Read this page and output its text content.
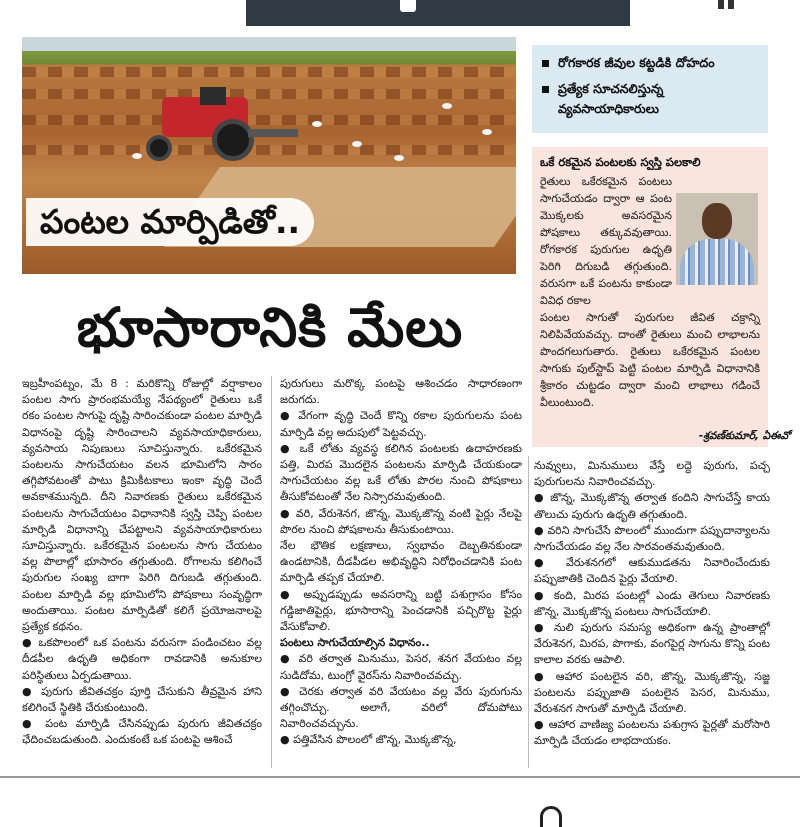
పంటల మార్పిడితో..
భూసారానికి మేలు
రోగకారక జీవుల కట్టడికి దోహదం
ప్రత్యేక సూచనలిస్తున్న వ్యవసాయాధికారులు
ఒకే రకమైన పంటలకు స్వస్తి పలకాలి
రైతులు ఒకేరకమైన పంటలు సాగుచేయడం ద్వారా ఆ పంట మొక్కలకు అవసరమైన పోషకాలు తక్కువవుతాయి. రోగకారక పురుగుల ఉధృతి పెరిగి దిగుబడి తగ్గుతుంది. వరుసగా ఒకే పంటను కాకుండా వివిధ రకాల
పంటల సాగుతో పురుగుల జీవిత చక్రాన్ని నిలిపివేయవచ్చు. దాంతో రైతులు మంచి లాభాలను పొందగలుగుతారు. రైతులు ఒకేరకమైన పంటల సాగుకు పుల్‌స్టాప్ పెట్టి పంటల మార్పిడి విధానానికి శ్రీకారం చుట్టడం ద్వారా మంచి లాభాలు గడించే వీలుంటుంది.
-శ్రవణ్‌కుమార్, ఏఈవో

ఇబ్రహీంపట్నం, మే 8 : మరికొన్ని రోజుల్లో వర్షాకాలం పంటల సాగు ప్రారంభమయ్యే నేపథ్యంలో రైతులు ఒకే రకం పంటల సాగుపై దృష్టి సారించకుండా పంటల మార్పిడి విధానంపై దృష్టి సారించాలని వ్యవసాయాధికారులు, వ్యవసాయ నిపుణులు సూచిస్తున్నారు. ఒకేరకమైన పంటలను సాగుచేయటం వలన భూమిలోని సారం తగ్గిపోవటంతో పాటు క్రిమికీటకాలు ఇంకా వృద్ధి చెందే అవకాశమున్నది. దీని నివారణకు రైతులు ఒకేరకమైన పంటలను సాగుచేయటం విధానానికి స్వస్తి చెప్పి పంటల మార్పిడి విధానాన్ని చేపట్టాలని వ్యవసాయాధికారులు సూచిస్తున్నారు. ఒకేరకమైన పంటలను సాగు చేయటం వల్ల పొలాల్లో భూసారం తగ్గుతుంది. రోగాలను కలిగించే పురుగుల సంఖ్య బాగా పెరిగి దిగుబడి తగ్గుతుంది. పంటల మార్పిడి వల్ల భూమిలోని పోషకాలు సంవృద్ధిగా అందుతాయి. పంటల మార్పిడితో కలిగే ప్రయోజనాలపై ప్రత్యేక కథనం.

● ఒకపొలంలో ఒక పంటను వరుసగా పండించటం వల్ల దీడపీల ఉధృతి అధికంగా రావడానికి అనుకూల పరిస్థితులు ఏర్పడుతాయి.

● పురుగు జీవితచక్రం పూర్తి చేసుకుని తీవ్రమైన హాని కలిగించే స్థితికి చేరుకుంటుంది.

● పంట మార్పిడి చేసినప్పుడు పురుగు జీవితచక్రం ఛేదించబడుతుంది. ఎందుకంటే ఒక పంటపై ఆశించే

పురుగులు మరొక్క పంటపై ఆశించడం సాధారణంగా జరుగదు.

● వేగంగా వృద్ధి చెందే కొన్ని రకాల పురుగులను పంట మార్పిడి వల్ల అదుపులో పెట్టవచ్చు.

● ఒకే లోతు వ్యవస్థ కలిగిన పంటలకు ఉదాహరణకు పత్తి, మిరప మొదలైన పంటలను మార్పిడి చేయకుండా సాగుచేయటం వల్ల ఒకే లోతు పొరల నుంచి పోషకాలు తీసుకోవటంతో నేల నిస్సారమవుతుంది.

● వరి, వేరుశెనగ, జొన్న, మొక్కజొన్న వంటి పైర్లు నేలపై పొరల నుంచి పోషకాలను తీసుకుంటాయి.

నేల భౌతిక లక్షణాలు, స్వభావం దెబ్బతినకుండా ఉండటానికి, దీడపీడల అభివృద్ధిని నిరోధించడానికి పంట మార్పిడి తప్పక చేయాలి.

● అప్పుడప్పుడు అవసరాన్ని బట్టి పశుగ్రాసం కోసం గడ్డిజాతిపైర్లు, భూసారాన్ని పెంచడానికి పచ్చిరొట్ట పైర్లు వేసుకోవాలి.

పంటలు సాగుచేయాల్సిన విధానం..

● వరి తర్వాత మినుము, పెసర, శనగ వేయటం వల్ల సుడిదోమ, టుంగ్రో వైరస్‌ను నివారించవచ్చు.

● చెరకు తర్వాత వరి వేయటం వల్ల వేరు పురుగును తగ్గించొచ్చు. అలాగే, వరిలో దోమపోటు నివారించవచ్చును.

● పత్తివేసిన పొలంలో జొన్న, మొక్కజొన్న,

నువ్వులు, మినుములు వేస్తే లద్దె పురుగు, పచ్చ పురుగులను నివారించవచ్చు.

● జొన్న, మొక్కజొన్న తర్వాత కందిని సాగుచేస్తే కాయ తొలుచు పురుగు ఉధృతి తగ్గుతుంది.

● వరిని సాగుచేసే పొలంలో ముందుగా పప్పుదాన్యాలను సాగుచేయడం వల్ల నేల సారవంతమవుతుంది.

● వేరుశనగలో ఆకుముడతను నివారించేందుకు పప్పుజాతికి చెందిన పైర్లు వేయాలి.

● కంది, మిరప పంటల్లో ఎండు తెగులు నివారణకు జొన్న, మొక్కజొన్న పంటలు సాగుచేయాలి.

● నులి పురుగు సమస్య అధికంగా ఉన్న ప్రాంతాల్లో వేరుశెనగ, మిరప, పొగాకు, వంగపైర్ల సాగును కొన్ని పంట కాలాల వరకు ఆపాలి.

● ఆహార పంటలైన వరి, జొన్న, మొక్కజొన్న, సజ్జ పంటలను పప్పుజాతి పంటలైన పెసర, మినుము, వేరుశనగ సాగుతో మార్పిడి చేయాలి.

● ఆహార వాణిజ్య పంటలను పశుగ్రాస పైర్లతో మరోసారి మార్పిడి చేయడం లాభదాయకం.
